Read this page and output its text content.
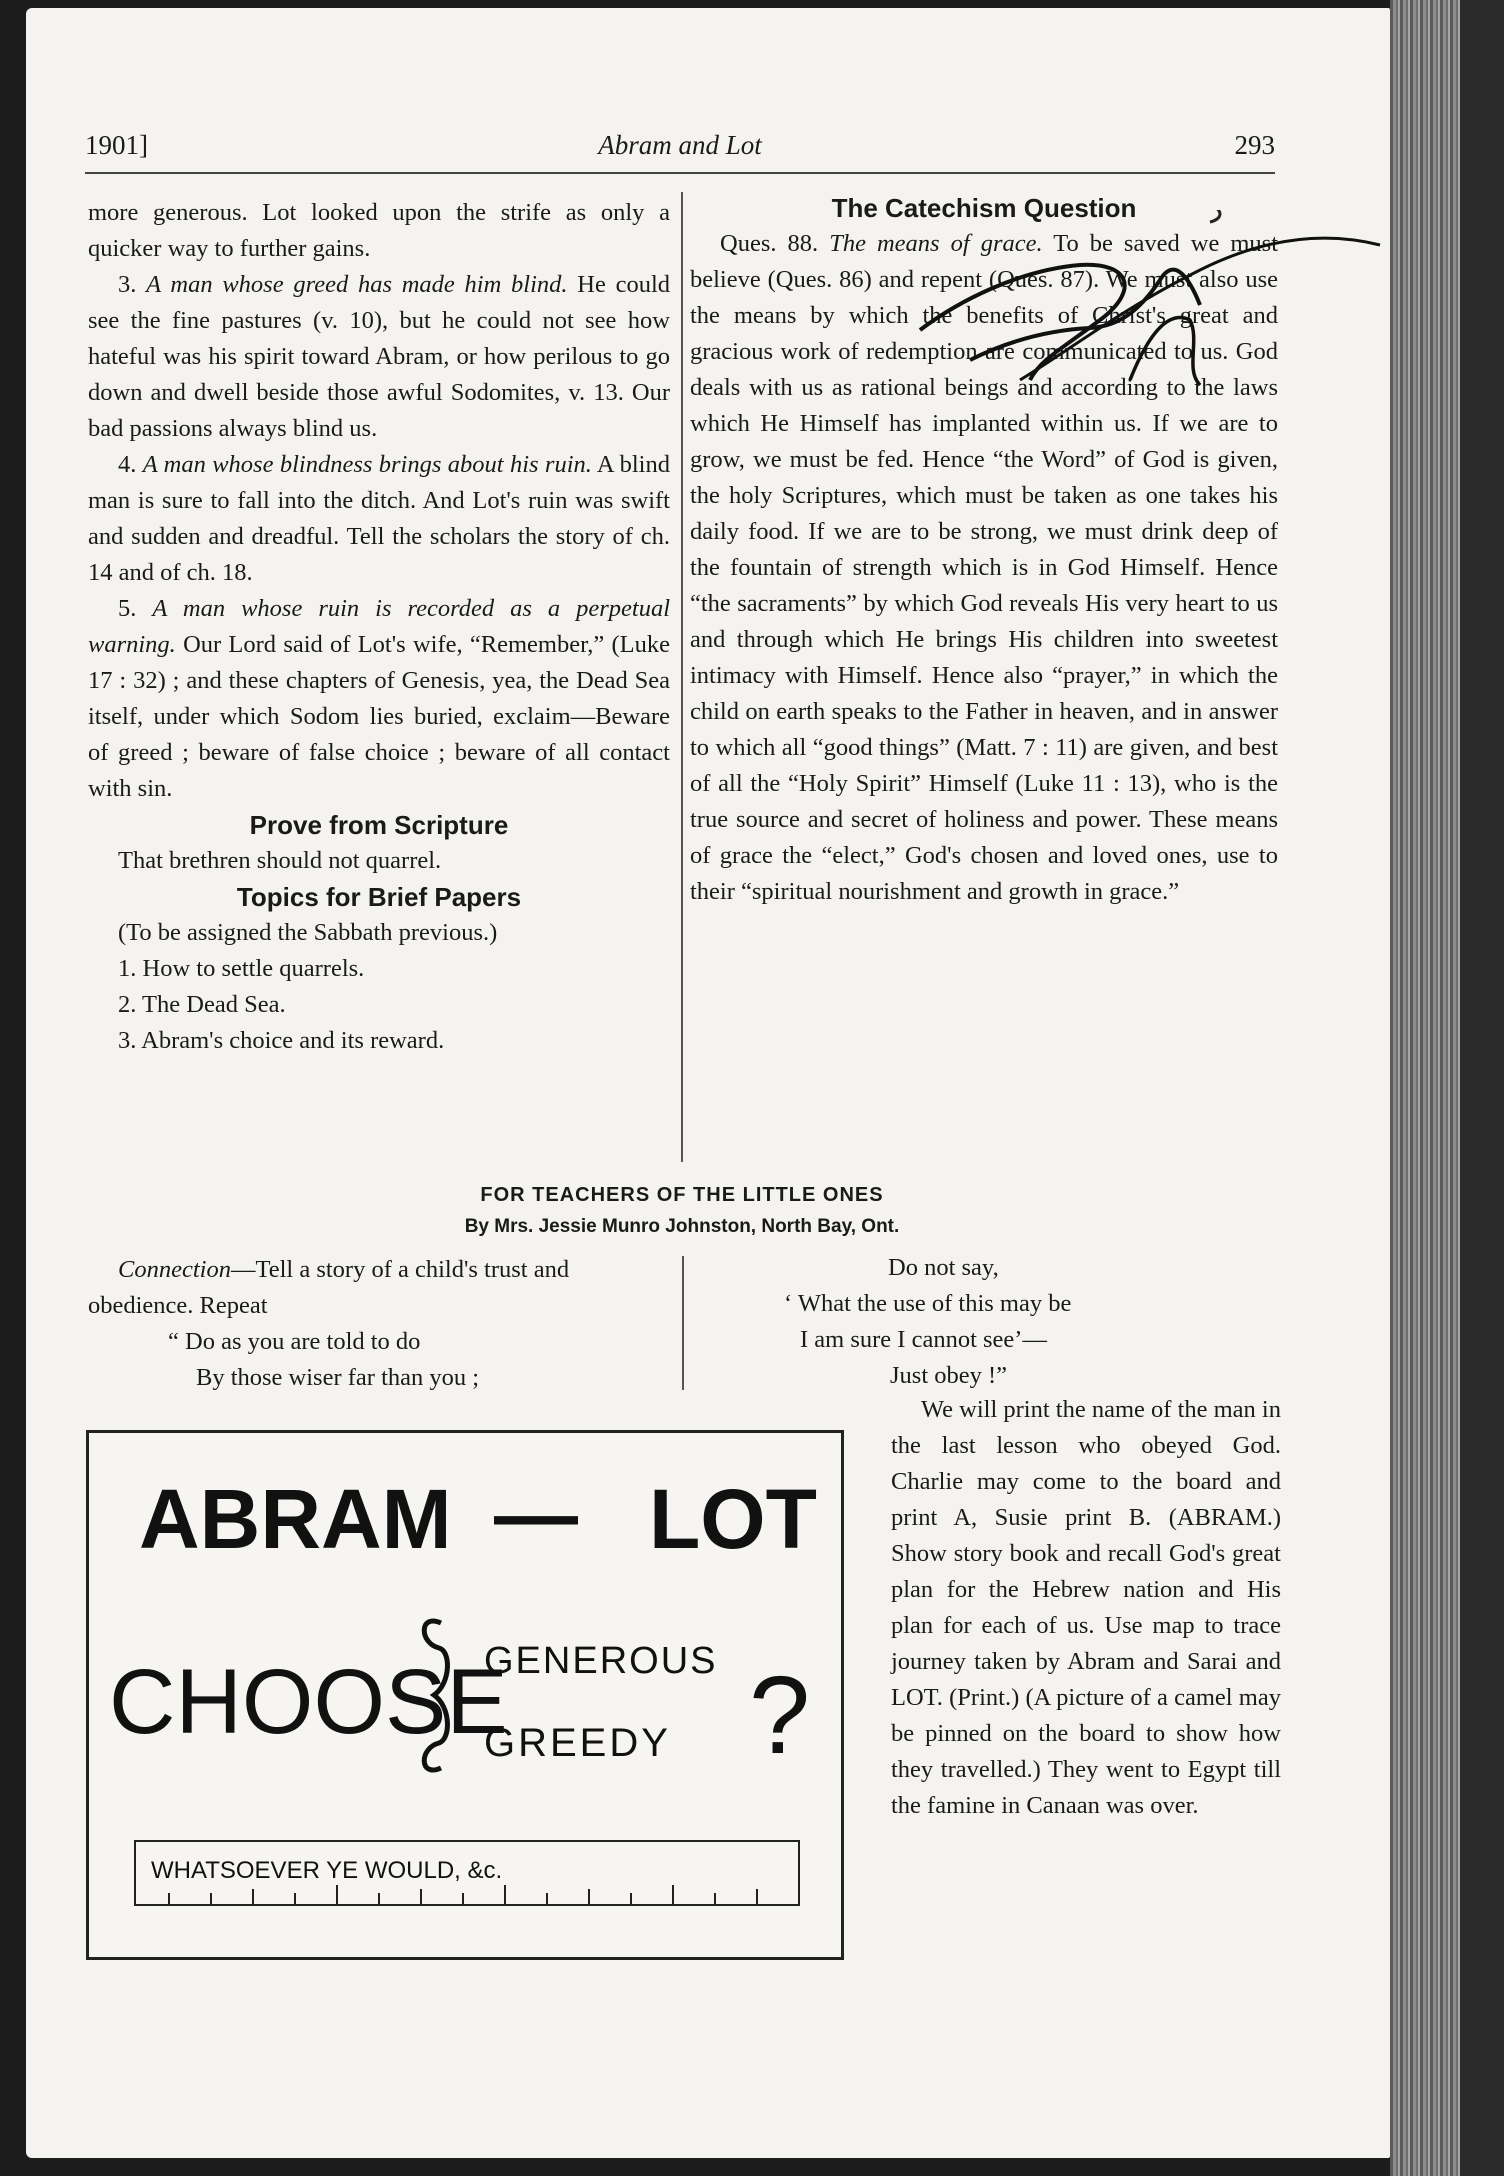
1901]	Abram and Lot	293

more generous. Lot looked upon the strife as only a quicker way to further gains.

3. A man whose greed has made him blind. He could see the fine pastures (v. 10), but he could not see how hateful was his spirit toward Abram, or how perilous to go down and dwell beside those awful Sodomites, v. 13. Our bad passions always blind us.

4. A man whose blindness brings about his ruin. A blind man is sure to fall into the ditch. And Lot's ruin was swift and sudden and dreadful. Tell the scholars the story of ch. 14 and of ch. 18.

5. A man whose ruin is recorded as a perpetual warning. Our Lord said of Lot's wife, “Remember,” (Luke 17 : 32) ; and these chapters of Genesis, yea, the Dead Sea itself, under which Sodom lies buried, exclaim—Beware of greed ; beware of false choice ; beware of all contact with sin.

Prove from Scripture

That brethren should not quarrel.

Topics for Brief Papers

(To be assigned the Sabbath previous.)

1. How to settle quarrels.

2. The Dead Sea.

3. Abram's choice and its reward.

The Catechism Question

Ques. 88. The means of grace. To be saved we must believe (Ques. 86) and repent (Ques. 87). We must also use the means by which the benefits of Christ's great and gracious work of redemption are communicated to us. God deals with us as rational beings and according to the laws which He Himself has implanted within us. If we are to grow, we must be fed. Hence “the Word” of God is given, the holy Scriptures, which must be taken as one takes his daily food. If we are to be strong, we must drink deep of the fountain of strength which is in God Himself. Hence “the sacraments” by which God reveals His very heart to us and through which He brings His children into sweetest intimacy with Himself. Hence also “prayer,” in which the child on earth speaks to the Father in heaven, and in answer to which all “good things” (Matt. 7 : 11) are given, and best of all the “Holy Spirit” Himself (Luke 11 : 13), who is the true source and secret of holiness and power. These means of grace the “elect,” God's chosen and loved ones, use to their “spiritual nourishment and growth in grace.”

FOR TEACHERS OF THE LITTLE ONES
By Mrs. Jessie Munro Johnston, North Bay, Ont.
Connection—Tell a story of a child's trust and obedience. Repeat
“ Do as you are told to do
By those wiser far than you ;
Do not say,
‘ What the use of this may be
I am sure I cannot see’—
Just obey !”
We will print the name of the man in the last lesson who obeyed God. Charlie may come to the board and print A, Susie print B. (ABRAM.) Show story book and recall God's great plan for the Hebrew nation and His plan for each of us. Use map to trace journey taken by Abram and Sarai and LOT. (Print.) (A picture of a camel may be pinned on the board to show how they travelled.) They went to Egypt till the famine in Canaan was over.
ABRAM — LOT
CHOOSE
GENEROUS
GREEDY ?
WHATSOEVER YE WOULD, &c.
